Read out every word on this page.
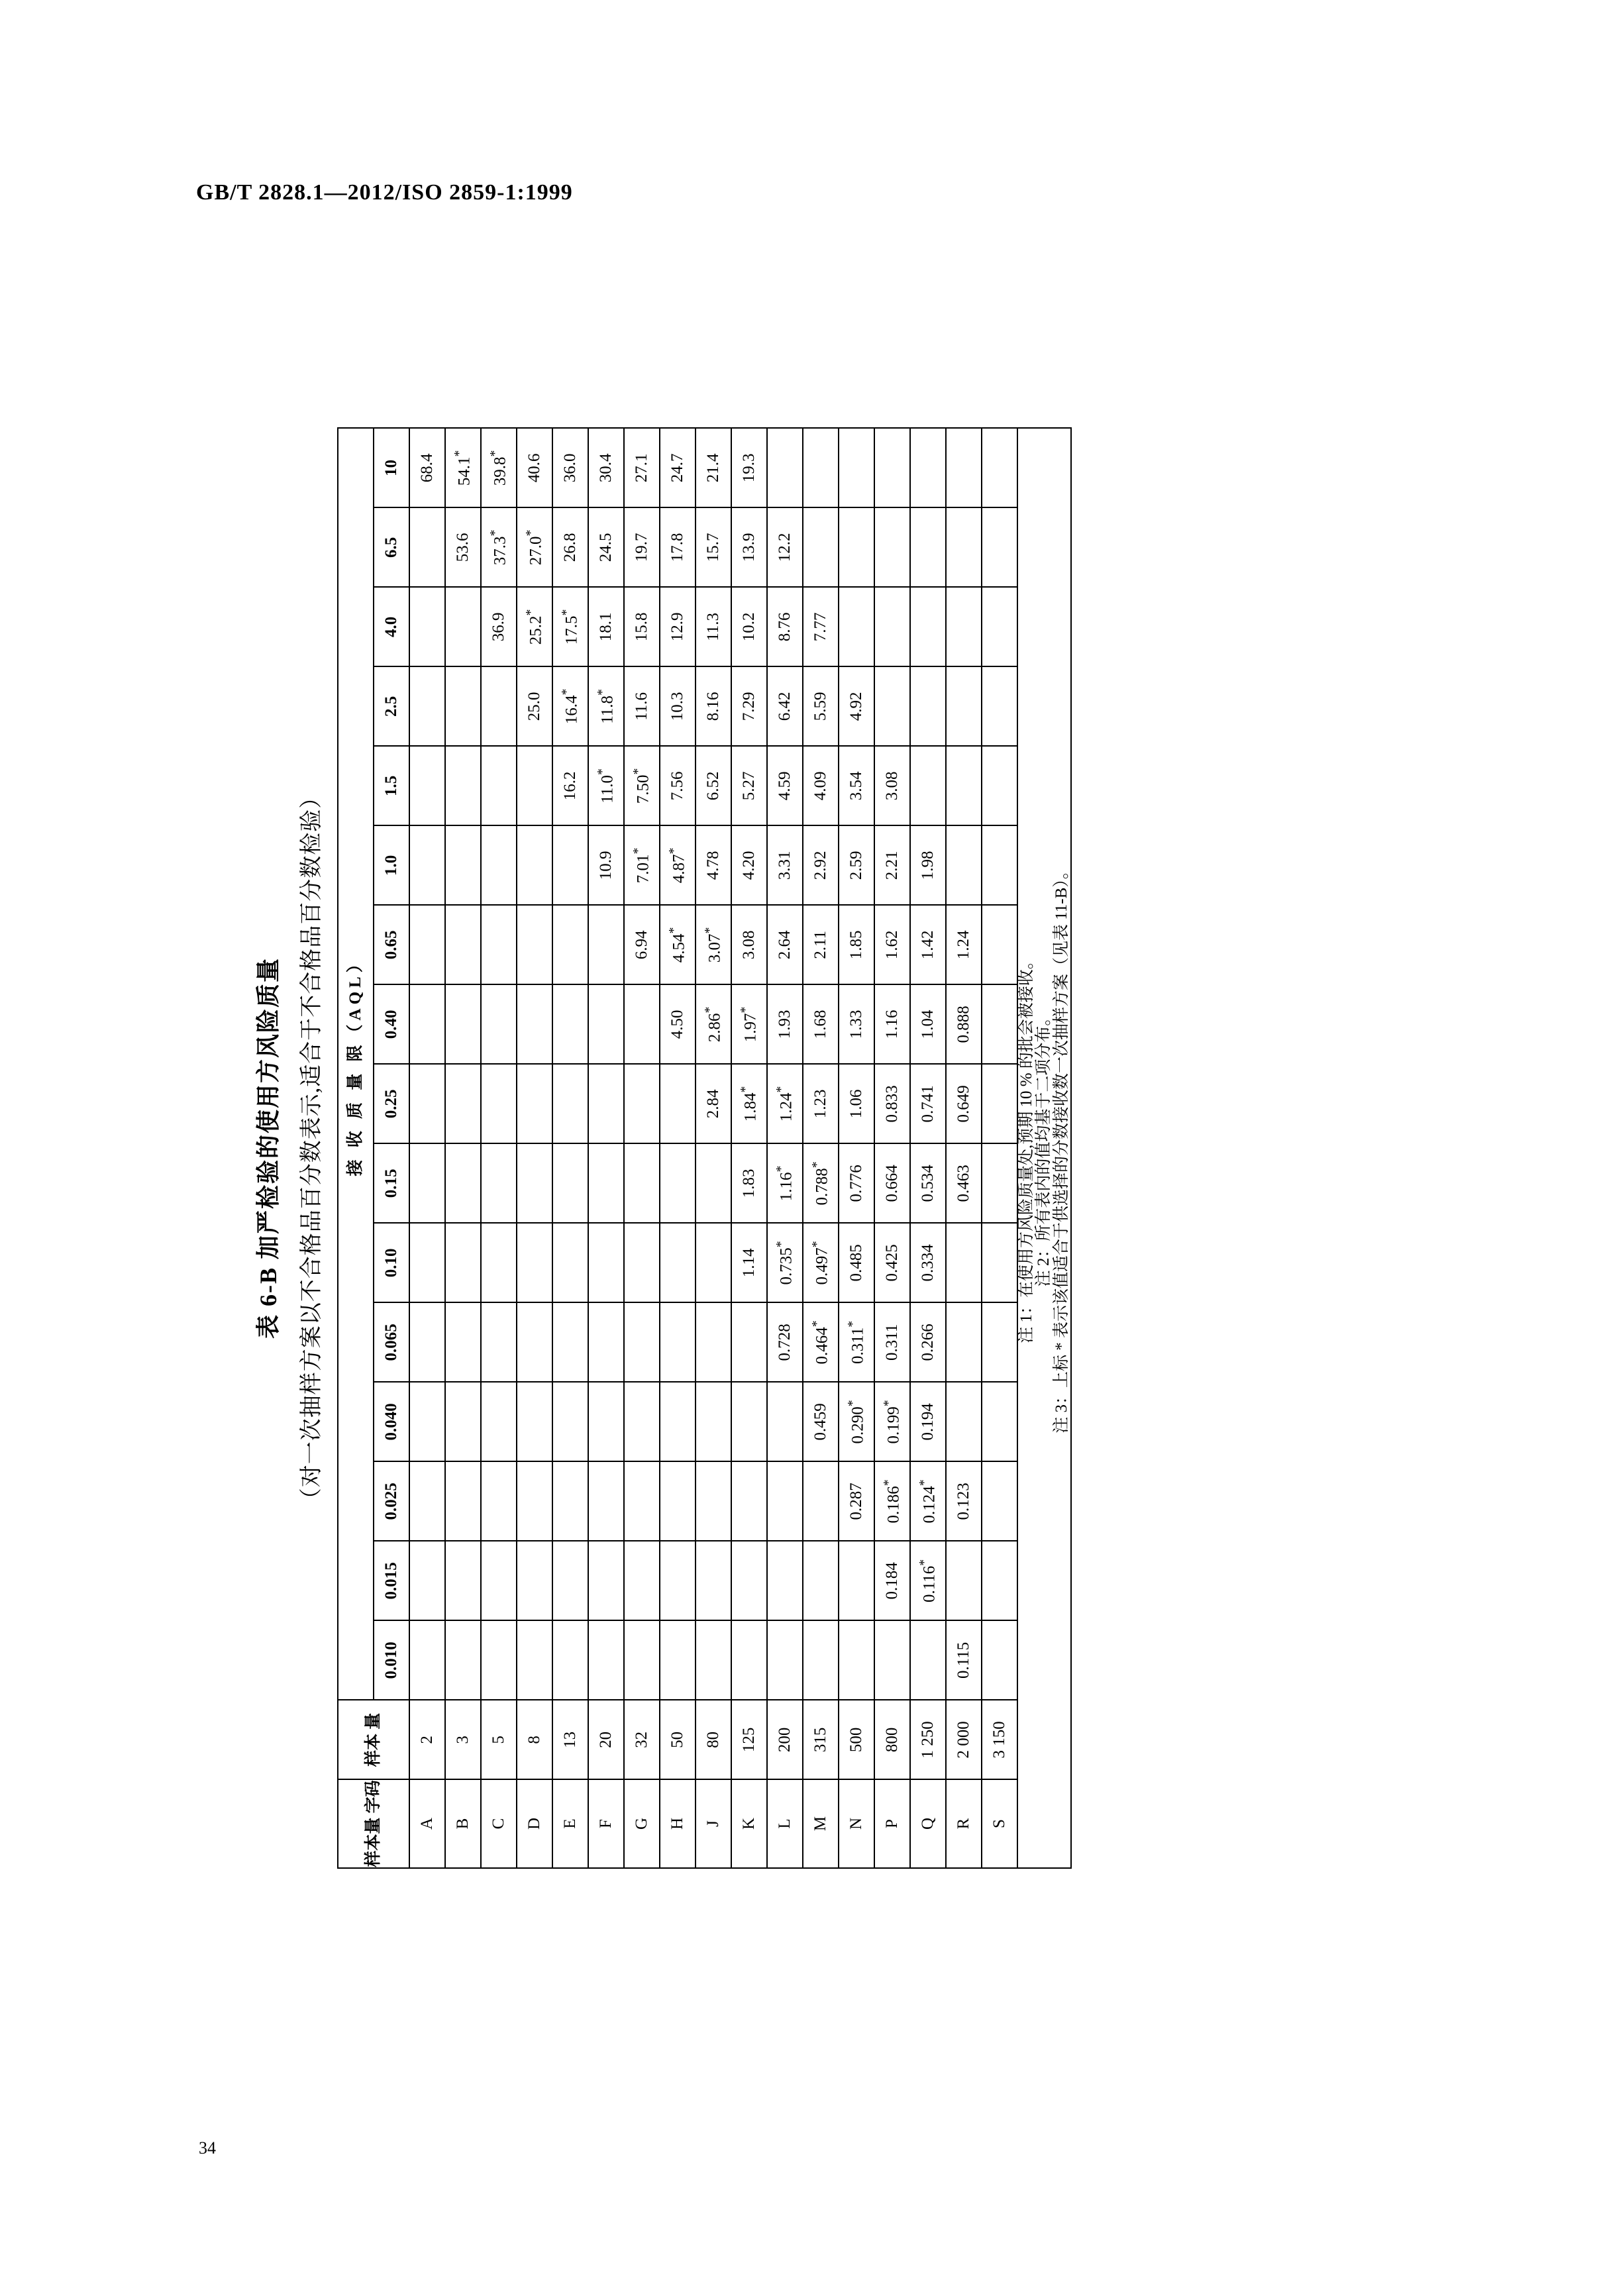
GB/T 2828.1—2012/ISO 2859-1:1999
表 6-B 加严检验的使用方风险质量 （对一次抽样方案以不合格品百分数表示,适合于不合格品百分数检验）
样本量 字码	样本 量	接 收 质 量 限（AQL）															
		0.010	0.015	0.025	0.040	0.065	0.10	0.15	0.25	0.40	0.65	1.0	1.5	2.5	4.0	6.5	10
A	2																68.4
B	3															53.6	54.1*
C	5														36.9	37.3*	39.8*
D	8													25.0	25.2*	27.0*	40.6
E	13												16.2	16.4*	17.5*	26.8	36.0
F	20											10.9	11.0*	11.8*	18.1	24.5	30.4
G	32										6.94	7.01*	7.50*	11.6	15.8	19.7	27.1
H	50									4.50	4.54*	4.87*	7.56	10.3	12.9	17.8	24.7
J	80								2.84	2.86*	3.07*	4.78	6.52	8.16	11.3	15.7	21.4
K	125						1.14	1.83	1.84*	1.97*	3.08	4.20	5.27	7.29	10.2	13.9	19.3
L	200					0.728	0.735*	1.16*	1.24*	1.93	2.64	3.31	4.59	6.42	8.76	12.2	
M	315				0.459	0.464*	0.497*	0.788*	1.23	1.68	2.11	2.92	4.09	5.59	7.77		
N	500			0.287	0.290*	0.311*	0.485	0.776	1.06	1.33	1.85	2.59	3.54	4.92			
P	800		0.184	0.186*	0.199*	0.311	0.425	0.664	0.833	1.16	1.62	2.21	3.08				
Q	1 250		0.116*	0.124*	0.194	0.266	0.334	0.534	0.741	1.04	1.42	1.98					
R	2 000	0.115		0.123				0.463	0.649	0.888	1.24						
S	3 150																

注 1：在使用方风险质量处,预期 10 % 的批会被接收。 注 2：所有表内的值均基于二项分布。 注 3：上标 * 表示该值适合于供选择的分数接收数一次抽样方案（见表 11-B）。																	
34
